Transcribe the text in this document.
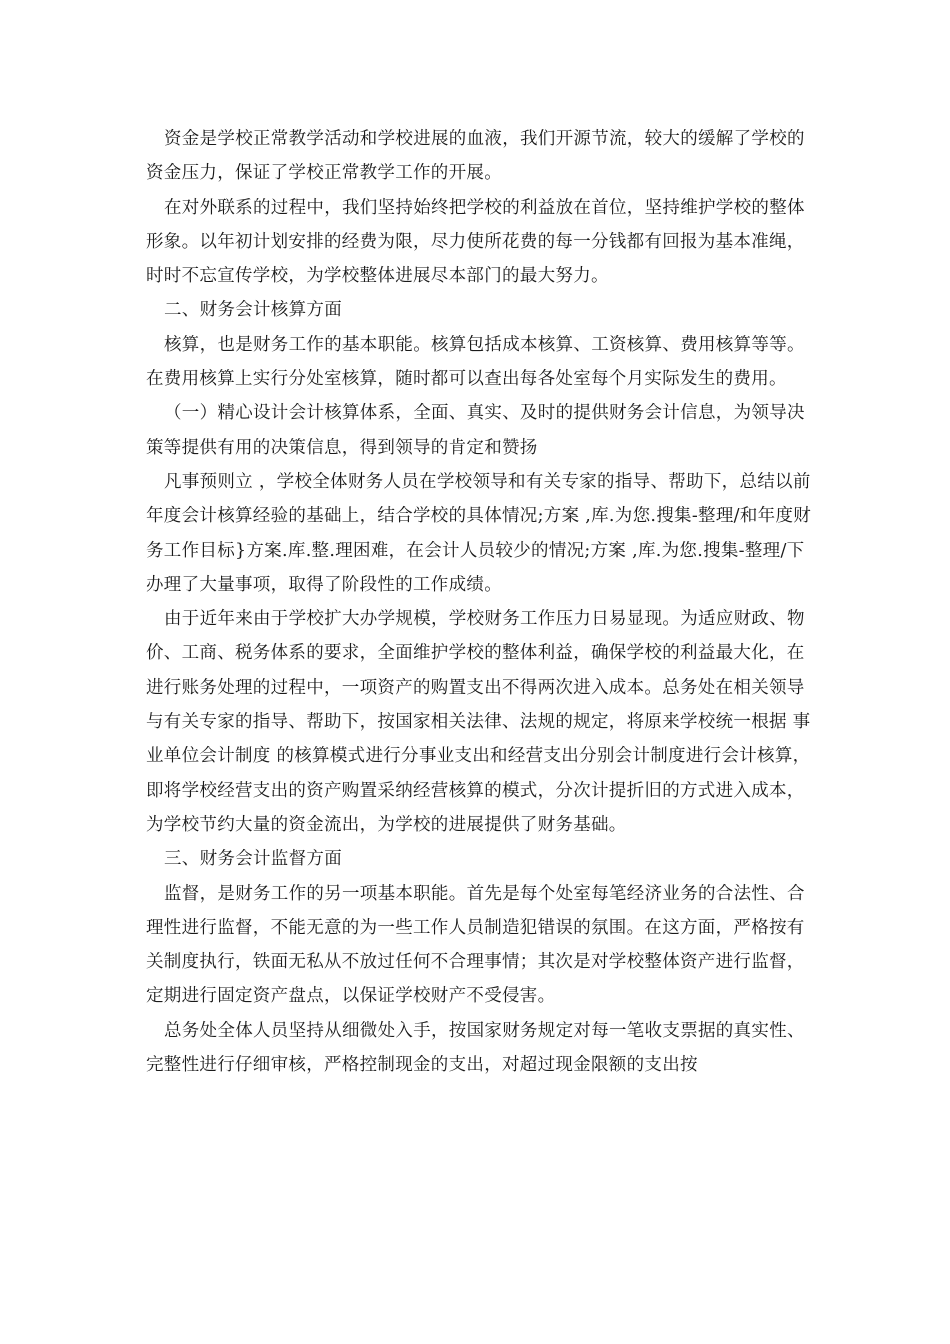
资金是学校正常教学活动和学校进展的血液，我们开源节流，较大的缓解了学校的资金压力，保证了学校正常教学工作的开展。

在对外联系的过程中，我们坚持始终把学校的利益放在首位，坚持维护学校的整体形象。以年初计划安排的经费为限，尽力使所花费的每一分钱都有回报为基本准绳，时时不忘宣传学校，为学校整体进展尽本部门的最大努力。

二、财务会计核算方面

核算，也是财务工作的基本职能。核算包括成本核算、工资核算、费用核算等等。在费用核算上实行分处室核算，随时都可以查出每各处室每个月实际发生的费用。

（一）精心设计会计核算体系，全面、真实、及时的提供财务会计信息，为领导决策等提供有用的决策信息，得到领导的肯定和赞扬

凡事预则立 ，学校全体财务人员在学校领导和有关专家的指导、帮助下，总结以前年度会计核算经验的基础上，结合学校的具体情况;方案 ,库.为您.搜集-整理/和年度财务工作目标}方案.库.整.理困难，在会计人员较少的情况;方案 ,库.为您.搜集-整理/下办理了大量事项，取得了阶段性的工作成绩。

由于近年来由于学校扩大办学规模，学校财务工作压力日易显现。为适应财政、物价、工商、税务体系的要求，全面维护学校的整体利益，确保学校的利益最大化，在进行账务处理的过程中，一项资产的购置支出不得两次进入成本。总务处在相关领导与有关专家的指导、帮助下，按国家相关法律、法规的规定，将原来学校统一根据 事业单位会计制度 的核算模式进行分事业支出和经营支出分别会计制度进行会计核算，即将学校经营支出的资产购置采纳经营核算的模式，分次计提折旧的方式进入成本，为学校节约大量的资金流出，为学校的进展提供了财务基础。

三、财务会计监督方面

监督，是财务工作的另一项基本职能。首先是每个处室每笔经济业务的合法性、合理性进行监督，不能无意的为一些工作人员制造犯错误的氛围。在这方面，严格按有关制度执行，铁面无私从不放过任何不合理事情；其次是对学校整体资产进行监督，定期进行固定资产盘点，以保证学校财产不受侵害。

总务处全体人员坚持从细微处入手，按国家财务规定对每一笔收支票据的真实性、完整性进行仔细审核，严格控制现金的支出，对超过现金限额的支出按
